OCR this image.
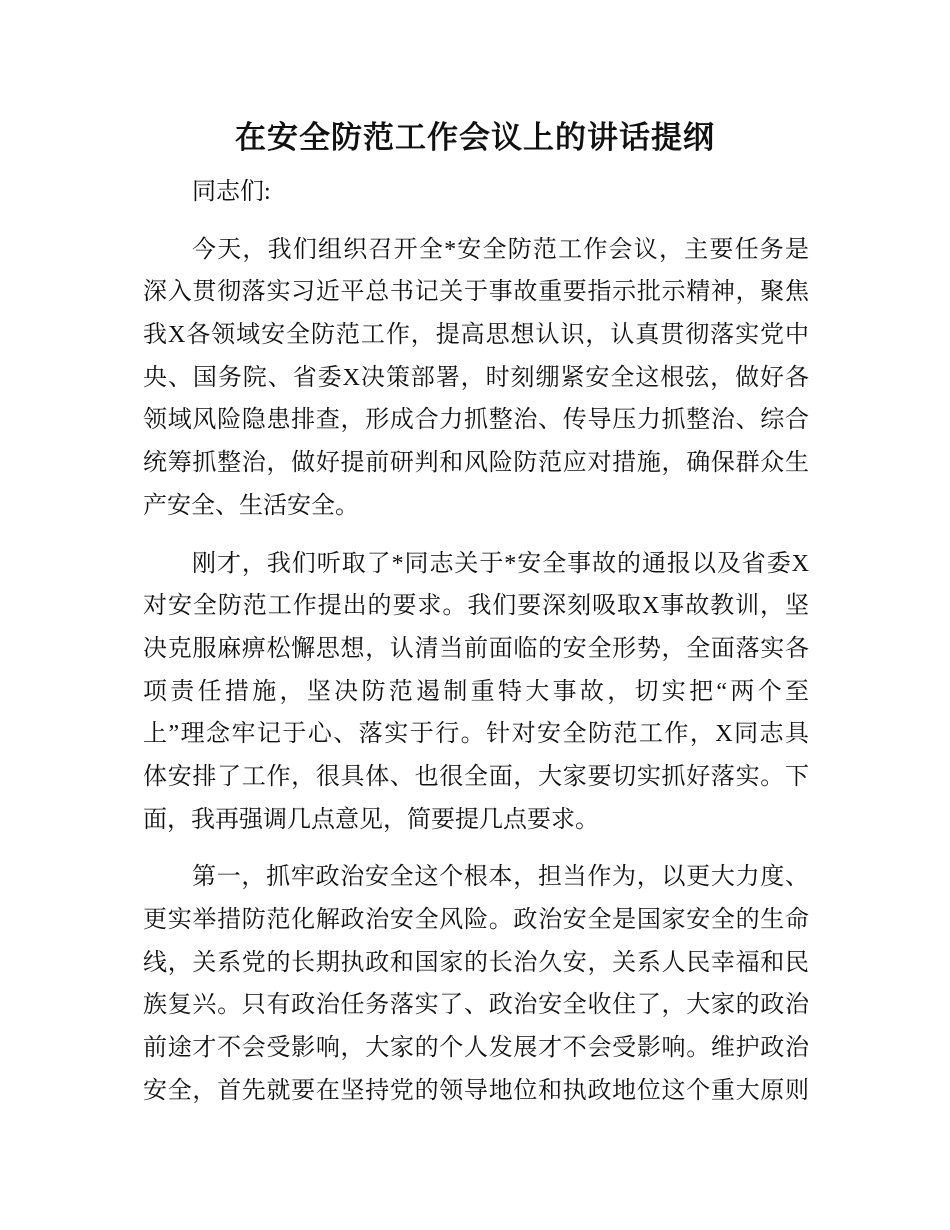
在安全防范工作会议上的讲话提纲
同志们:
今天，我们组织召开全*安全防范工作会议，主要任务是
深入贯彻落实习近平总书记关于事故重要指示批示精神，聚焦
我X各领域安全防范工作，提高思想认识，认真贯彻落实党中
央、国务院、省委X决策部署，时刻绷紧安全这根弦，做好各
领域风险隐患排查，形成合力抓整治、传导压力抓整治、综合
统筹抓整治，做好提前研判和风险防范应对措施，确保群众生
产安全、生活安全。
刚才，我们听取了*同志关于*安全事故的通报以及省委X
对安全防范工作提出的要求。我们要深刻吸取X事故教训，坚
决克服麻痹松懈思想，认清当前面临的安全形势，全面落实各
项责任措施，坚决防范遏制重特大事故，切实把“两个至
上”理念牢记于心、落实于行。针对安全防范工作，X同志具
体安排了工作，很具体、也很全面，大家要切实抓好落实。下
面，我再强调几点意见，简要提几点要求。
第一，抓牢政治安全这个根本，担当作为，以更大力度、
更实举措防范化解政治安全风险。政治安全是国家安全的生命
线，关系党的长期执政和国家的长治久安，关系人民幸福和民
族复兴。只有政治任务落实了、政治安全收住了，大家的政治
前途才不会受影响，大家的个人发展才不会受影响。维护政治
安全，首先就要在坚持党的领导地位和执政地位这个重大原则
